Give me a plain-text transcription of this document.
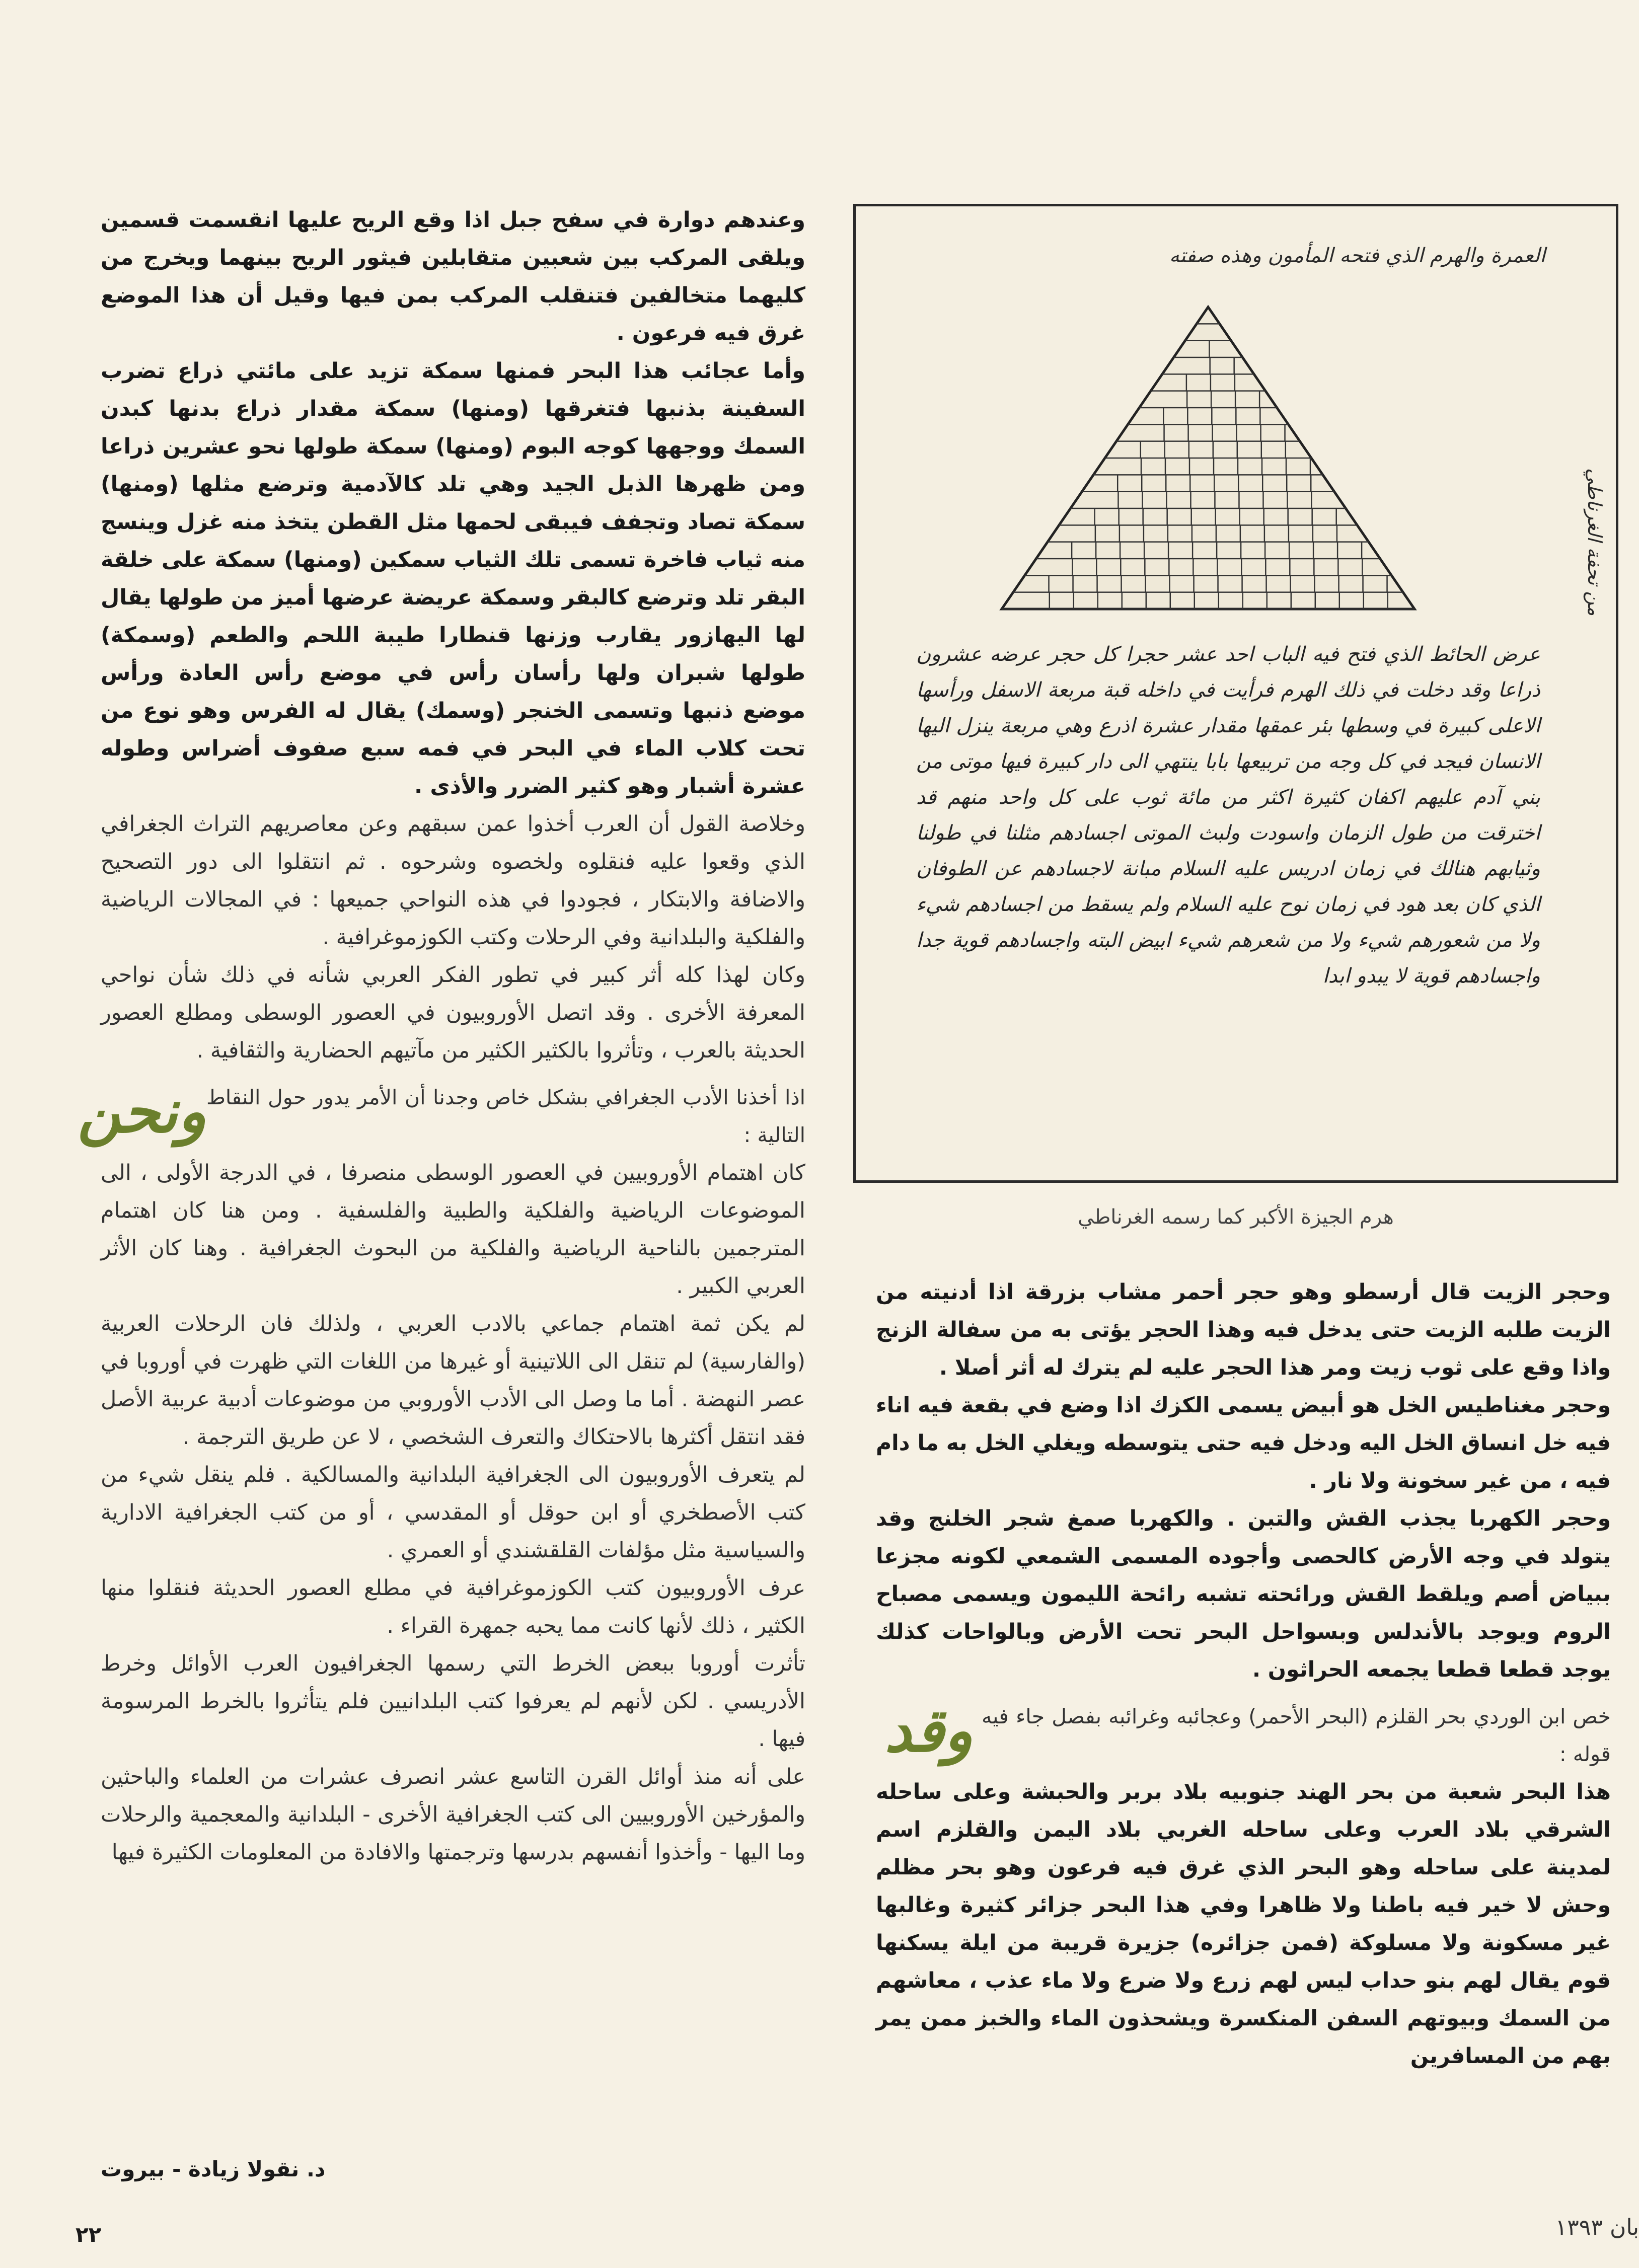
العمرة والهرم الذي فتحه المأمون وهذه صفته
من تحفة الغرناطي
عرض الحائط الذي فتح فيه الباب احد عشر حجرا كل حجر عرضه عشرون ذراعا وقد دخلت في ذلك الهرم فرأيت في داخله قبة مربعة الاسفل ورأسها الاعلى كبيرة في وسطها بئر عمقها مقدار عشرة اذرع وهي مربعة ينزل اليها الانسان فيجد في كل وجه من تربيعها بابا ينتهي الى دار كبيرة فيها موتى من بني آدم عليهم اكفان كثيرة اكثر من مائة ثوب على كل واحد منهم قد اخترقت من طول الزمان واسودت ولبث الموتى اجسادهم مثلنا في طولنا وثيابهم هنالك في زمان ادريس عليه السلام مبانة لاجسادهم عن الطوفان الذي كان بعد هود في زمان نوح عليه السلام ولم يسقط من اجسادهم شيء ولا من شعورهم شيء ولا من شعرهم شيء ابيض البته واجسادهم قوية جدا واجسادهم قوية لا يبدو ابدا
هرم الجيزة الأكبر كما رسمه الغرناطي

وحجر الزيت قال أرسطو وهو حجر أحمر مشاب بزرقة اذا أدنيته من الزيت طلبه الزيت حتى يدخل فيه وهذا الحجر يؤتى به من سفالة الزنج واذا وقع على ثوب زيت ومر هذا الحجر عليه لم يترك له أثر أصلا .

وحجر مغناطيس الخل هو أبيض يسمى الكزك اذا وضع في بقعة فيه اناء فيه خل انساق الخل اليه ودخل فيه حتى يتوسطه ويغلي الخل به ما دام فيه ، من غير سخونة ولا نار .

وحجر الكهربا يجذب القش والتبن . والكهربا صمغ شجر الخلنج وقد يتولد في وجه الأرض كالحصى وأجوده المسمى الشمعي لكونه مجزعا ببياض أصم ويلقط القش ورائحته تشبه رائحة الليمون ويسمى مصباح الروم ويوجد بالأندلس وبسواحل البحر تحت الأرض وبالواحات كذلك يوجد قطعا قطعا يجمعه الحراثون .

وقد خص ابن الوردي بحر القلزم (البحر الأحمر) وعجائبه وغرائبه بفصل جاء فيه قوله :

هذا البحر شعبة من بحر الهند جنوبيه بلاد بربر والحبشة وعلى ساحله الشرقي بلاد العرب وعلى ساحله الغربي بلاد اليمن والقلزم اسم لمدينة على ساحله وهو البحر الذي غرق فيه فرعون وهو بحر مظلم وحش لا خير فيه باطنا ولا ظاهرا وفي هذا البحر جزائر كثيرة وغالبها غير مسكونة ولا مسلوكة (فمن جزائره) جزيرة قريبة من ايلة يسكنها قوم يقال لهم بنو حداب ليس لهم زرع ولا ضرع ولا ماء عذب ، معاشهم من السمك وبيوتهم السفن المنكسرة ويشحذون الماء والخبز ممن يمر بهم من المسافرين

وعندهم دوارة في سفح جبل اذا وقع الريح عليها انقسمت قسمين ويلقى المركب بين شعبين متقابلين فيثور الريح بينهما ويخرج من كليهما متخالفين فتنقلب المركب بمن فيها وقيل أن هذا الموضع غرق فيه فرعون .

وأما عجائب هذا البحر فمنها سمكة تزيد على مائتي ذراع تضرب السفينة بذنبها فتغرقها (ومنها) سمكة مقدار ذراع بدنها كبدن السمك ووجهها كوجه البوم (ومنها) سمكة طولها نحو عشرين ذراعا ومن ظهرها الذبل الجيد وهي تلد كالآدمية وترضع مثلها (ومنها) سمكة تصاد وتجفف فيبقى لحمها مثل القطن يتخذ منه غزل وينسج منه ثياب فاخرة تسمى تلك الثياب سمكين (ومنها) سمكة على خلقة البقر تلد وترضع كالبقر وسمكة عريضة عرضها أميز من طولها يقال لها اليهازور يقارب وزنها قنطارا طيبة اللحم والطعم (وسمكة) طولها شبران ولها رأسان رأس في موضع رأس العادة ورأس موضع ذنبها وتسمى الخنجر (وسمك) يقال له الفرس وهو نوع من تحت كلاب الماء في البحر في فمه سبع صفوف أضراس وطوله عشرة أشبار وهو كثير الضرر والأذى .

وخلاصة القول أن العرب أخذوا عمن سبقهم وعن معاصريهم التراث الجغرافي الذي وقعوا عليه فنقلوه ولخصوه وشرحوه . ثم انتقلوا الى دور التصحيح والاضافة والابتكار ، فجودوا في هذه النواحي جميعها : في المجالات الرياضية والفلكية والبلدانية وفي الرحلات وكتب الكوزموغرافية .

وكان لهذا كله أثر كبير في تطور الفكر العربي شأنه في ذلك شأن نواحي المعرفة الأخرى . وقد اتصل الأوروبيون في العصور الوسطى ومطلع العصور الحديثة بالعرب ، وتأثروا بالكثير الكثير من مآتيهم الحضارية والثقافية .

ونحن اذا أخذنا الأدب الجغرافي بشكل خاص وجدنا أن الأمر يدور حول النقاط التالية :

كان اهتمام الأوروبيين في العصور الوسطى منصرفا ، في الدرجة الأولى ، الى الموضوعات الرياضية والفلكية والطبية والفلسفية . ومن هنا كان اهتمام المترجمين بالناحية الرياضية والفلكية من البحوث الجغرافية . وهنا كان الأثر العربي الكبير .

لم يكن ثمة اهتمام جماعي بالادب العربي ، ولذلك فان الرحلات العربية (والفارسية) لم تنقل الى اللاتينية أو غيرها من اللغات التي ظهرت في أوروبا في عصر النهضة . أما ما وصل الى الأدب الأوروبي من موضوعات أدبية عربية الأصل فقد انتقل أكثرها بالاحتكاك والتعرف الشخصي ، لا عن طريق الترجمة .

لم يتعرف الأوروبيون الى الجغرافية البلدانية والمسالكية . فلم ينقل شيء من كتب الأصطخري أو ابن حوقل أو المقدسي ، أو من كتب الجغرافية الادارية والسياسية مثل مؤلفات القلقشندي أو العمري .

عرف الأوروبيون كتب الكوزموغرافية في مطلع العصور الحديثة فنقلوا منها الكثير ، ذلك لأنها كانت مما يحبه جمهرة القراء .

تأثرت أوروبا ببعض الخرط التي رسمها الجغرافيون العرب الأوائل وخرط الأدريسي . لكن لأنهم لم يعرفوا كتب البلدانيين فلم يتأثروا بالخرط المرسومة فيها .

على أنه منذ أوائل القرن التاسع عشر انصرف عشرات من العلماء والباحثين والمؤرخين الأوروبيين الى كتب الجغرافية الأخرى - البلدانية والمعجمية والرحلات وما اليها - وأخذوا أنفسهم بدرسها وترجمتها والافادة من المعلومات الكثيرة فيها

د. نقولا زيادة - بيروت
٢٢	بان ١٣٩٣
